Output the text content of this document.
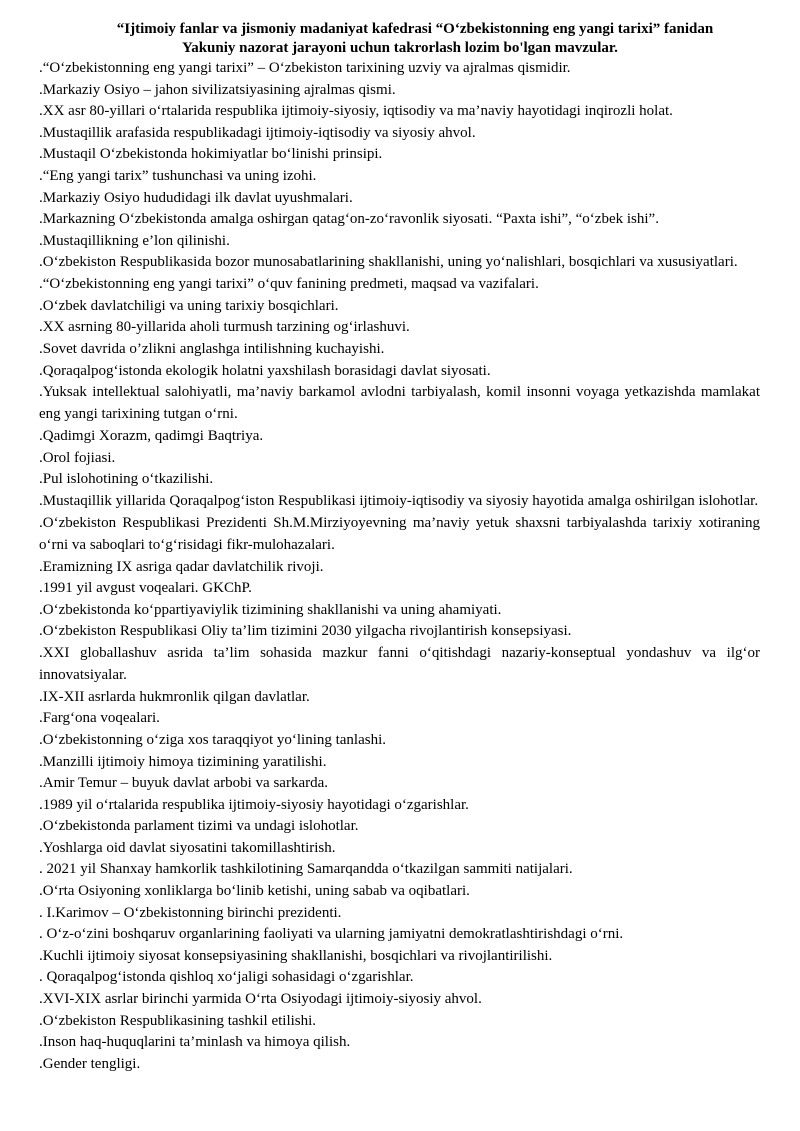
“Ijtimoiy fanlar va jismoniy madaniyat kafedrasi “O‘zbekistonning eng yangi tarixi” fanidan
Yakuniy nazorat jarayoni uchun takrorlash lozim bo'lgan mavzular.
.“O‘zbekistonning eng yangi tarixi” – O‘zbekiston tarixining uzviy va ajralmas qismidir.
.Markaziy Osiyo – jahon sivilizatsiyasining ajralmas qismi.
.XX asr 80-yillari o‘rtalarida respublika ijtimoiy-siyosiy, iqtisodiy va ma’naviy hayotidagi inqirozli holat.
.Mustaqillik arafasida respublikadagi ijtimoiy-iqtisodiy va siyosiy ahvol.
.Mustaqil O‘zbekistonda hokimiyatlar bo‘linishi prinsipi.
.“Eng yangi tarix” tushunchasi va uning izohi.
.Markaziy Osiyo hududidagi ilk davlat uyushmalari.
.Markazning O‘zbekistonda amalga oshirgan qatag‘on-zo‘ravonlik siyosati. “Paxta ishi”, “o‘zbek ishi”.
.Mustaqillikning e’lon qilinishi.
.O‘zbekiston Respublikasida bozor munosabatlarining shakllanishi, uning yo‘nalishlari, bosqichlari va xususiyatlari.
.“O‘zbekistonning eng yangi tarixi” o‘quv fanining predmeti, maqsad va vazifalari.
.O‘zbek davlatchiligi va uning tarixiy bosqichlari.
.XX asrning 80-yillarida aholi turmush tarzining og‘irlashuvi.
.Sovet davrida o’zlikni anglashga intilishning kuchayishi.
.Qoraqalpog‘istonda ekologik holatni yaxshilash borasidagi davlat siyosati.
.Yuksak intellektual salohiyatli, ma’naviy barkamol avlodni tarbiyalash, komil insonni voyaga yetkazishda mamlakat eng yangi tarixining tutgan o‘rni.
.Qadimgi Xorazm, qadimgi Baqtriya.
.Orol fojiasi.
.Pul islohotining o‘tkazilishi.
.Mustaqillik yillarida Qoraqalpog‘iston Respublikasi ijtimoiy-iqtisodiy va siyosiy hayotida amalga oshirilgan islohotlar.
.O‘zbekiston Respublikasi Prezidenti Sh.M.Mirziyoyevning ma’naviy yetuk shaxsni tarbiyalashda tarixiy xotiraning o‘rni va saboqlari to‘g‘risidagi fikr-mulohazalari.
.Eramizning IX asriga qadar davlatchilik rivoji.
.1991 yil avgust voqealari. GKChP.
.O‘zbekistonda ko‘ppartiyaviylik tizimining shakllanishi va uning ahamiyati.
.O‘zbekiston Respublikasi Oliy ta’lim tizimini 2030 yilgacha rivojlantirish konsepsiyasi.
.XXI globallashuv asrida ta’lim sohasida mazkur fanni o‘qitishdagi nazariy-konseptual yondashuv va ilg‘or innovatsiyalar.
.IX-XII asrlarda hukmronlik qilgan davlatlar.
.Farg‘ona voqealari.
.O‘zbekistonning o‘ziga xos taraqqiyot yo‘lining tanlashi.
.Manzilli ijtimoiy himoya tizimining yaratilishi.
.Amir Temur – buyuk davlat arbobi va sarkarda.
.1989 yil o‘rtalarida respublika ijtimoiy-siyosiy hayotidagi o‘zgarishlar.
.O‘zbekistonda parlament tizimi va undagi islohotlar.
.Yoshlarga oid davlat siyosatini takomillashtirish.
. 2021 yil Shanxay hamkorlik tashkilotining Samarqandda o‘tkazilgan sammiti natijalari.
.O‘rta Osiyoning xonliklarga bo‘linib ketishi, uning sabab va oqibatlari.
. I.Karimov – O‘zbekistonning birinchi prezidenti.
. O‘z-o‘zini boshqaruv organlarining faoliyati va ularning jamiyatni demokratlashtirishdagi o‘rni.
.Kuchli ijtimoiy siyosat konsepsiyasining shakllanishi, bosqichlari va rivojlantirilishi.
. Qoraqalpog‘istonda qishloq xo‘jaligi sohasidagi o‘zgarishlar.
.XVI-XIX asrlar birinchi yarmida O‘rta Osiyodagi ijtimoiy-siyosiy ahvol.
.O‘zbekiston Respublikasining tashkil etilishi.
.Inson haq-huquqlarini ta’minlash va himoya qilish.
.Gender tengligi.
